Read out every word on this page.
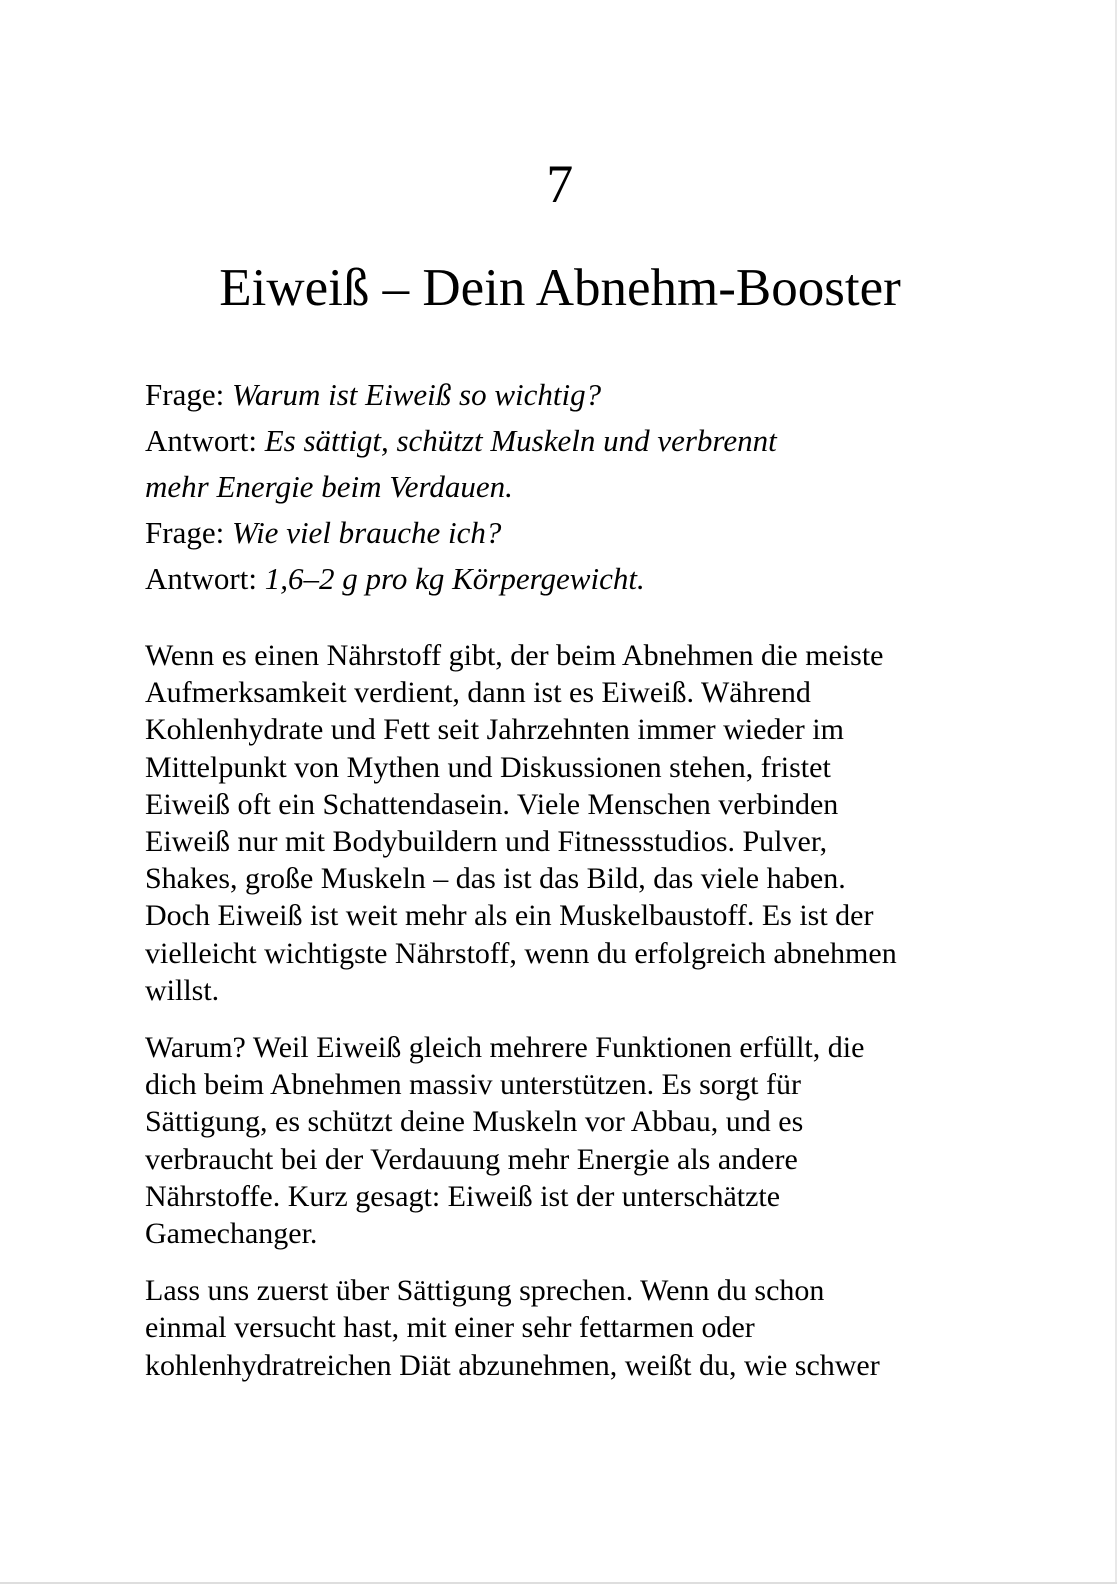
7
Eiweiß – Dein Abnehm-Booster
Frage: Warum ist Eiweiß so wichtig?
Antwort: Es sättigt, schützt Muskeln und verbrennt
mehr Energie beim Verdauen.
Frage: Wie viel brauche ich?
Antwort: 1,6–2 g pro kg Körpergewicht.

Wenn es einen Nährstoff gibt, der beim Abnehmen die meiste
Aufmerksamkeit verdient, dann ist es Eiweiß. Während
Kohlenhydrate und Fett seit Jahrzehnten immer wieder im
Mittelpunkt von Mythen und Diskussionen stehen, fristet
Eiweiß oft ein Schattendasein. Viele Menschen verbinden
Eiweiß nur mit Bodybuildern und Fitnessstudios. Pulver,
Shakes, große Muskeln – das ist das Bild, das viele haben.
Doch Eiweiß ist weit mehr als ein Muskelbaustoff. Es ist der
vielleicht wichtigste Nährstoff, wenn du erfolgreich abnehmen
willst.

Warum? Weil Eiweiß gleich mehrere Funktionen erfüllt, die
dich beim Abnehmen massiv unterstützen. Es sorgt für
Sättigung, es schützt deine Muskeln vor Abbau, und es
verbraucht bei der Verdauung mehr Energie als andere
Nährstoffe. Kurz gesagt: Eiweiß ist der unterschätzte
Gamechanger.

Lass uns zuerst über Sättigung sprechen. Wenn du schon
einmal versucht hast, mit einer sehr fettarmen oder
kohlenhydratreichen Diät abzunehmen, weißt du, wie schwer
